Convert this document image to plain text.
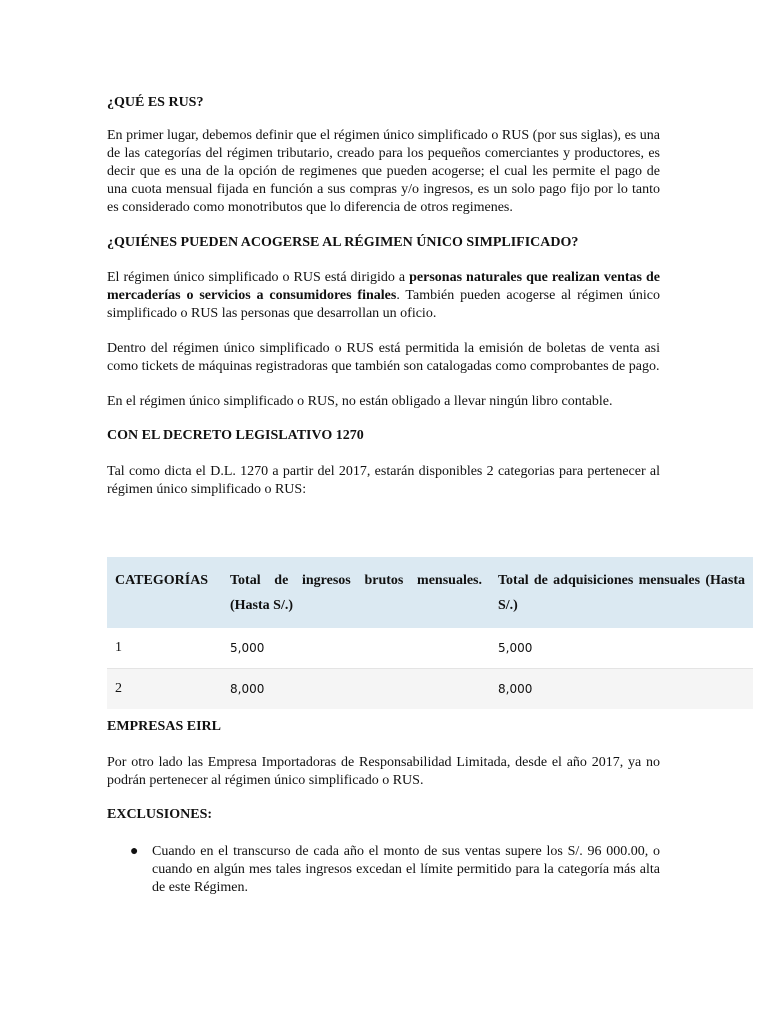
¿QUÉ ES RUS?

En primer lugar, debemos definir que el régimen único simplificado o RUS (por sus siglas), es una de las categorías del régimen tributario, creado para los pequeños comerciantes y productores, es decir que es una de la opción de regimenes que pueden acogerse; el cual les permite el pago de una cuota mensual fijada en función a sus compras y/o ingresos, es un solo pago fijo por lo tanto es considerado como monotributos que lo diferencia de otros regimenes.

¿QUIÉNES PUEDEN ACOGERSE AL RÉGIMEN ÚNICO SIMPLIFICADO?

El régimen único simplificado o RUS está dirigido a personas naturales que realizan ventas de mercaderías o servicios a consumidores finales. También pueden acogerse al régimen único simplificado o RUS las personas que desarrollan un oficio.

Dentro del régimen único simplificado o RUS está permitida la emisión de boletas de venta asi como tickets de máquinas registradoras que también son catalogadas como comprobantes de pago.

En el régimen único simplificado o RUS, no están obligado a llevar ningún libro contable.

CON EL DECRETO LEGISLATIVO 1270

Tal como dicta el D.L. 1270 a partir del 2017, estarán disponibles 2 categorias para pertenecer al régimen único simplificado o RUS:

CATEGORÍAS	Total de ingresos brutos mensuales. (Hasta S/.)	Total de adquisiciones mensuales (Hasta S/.)
1	5,000	5,000
2	8,000	8,000
EMPRESAS EIRL

Por otro lado las Empresa Importadoras de Responsabilidad Limitada, desde el año 2017, ya no podrán pertenecer al régimen único simplificado o RUS.

EXCLUSIONES:
● Cuando en el transcurso de cada año el monto de sus ventas supere los S/. 96 000.00, o cuando en algún mes tales ingresos excedan el límite permitido para la categoría más alta de este Régimen.
